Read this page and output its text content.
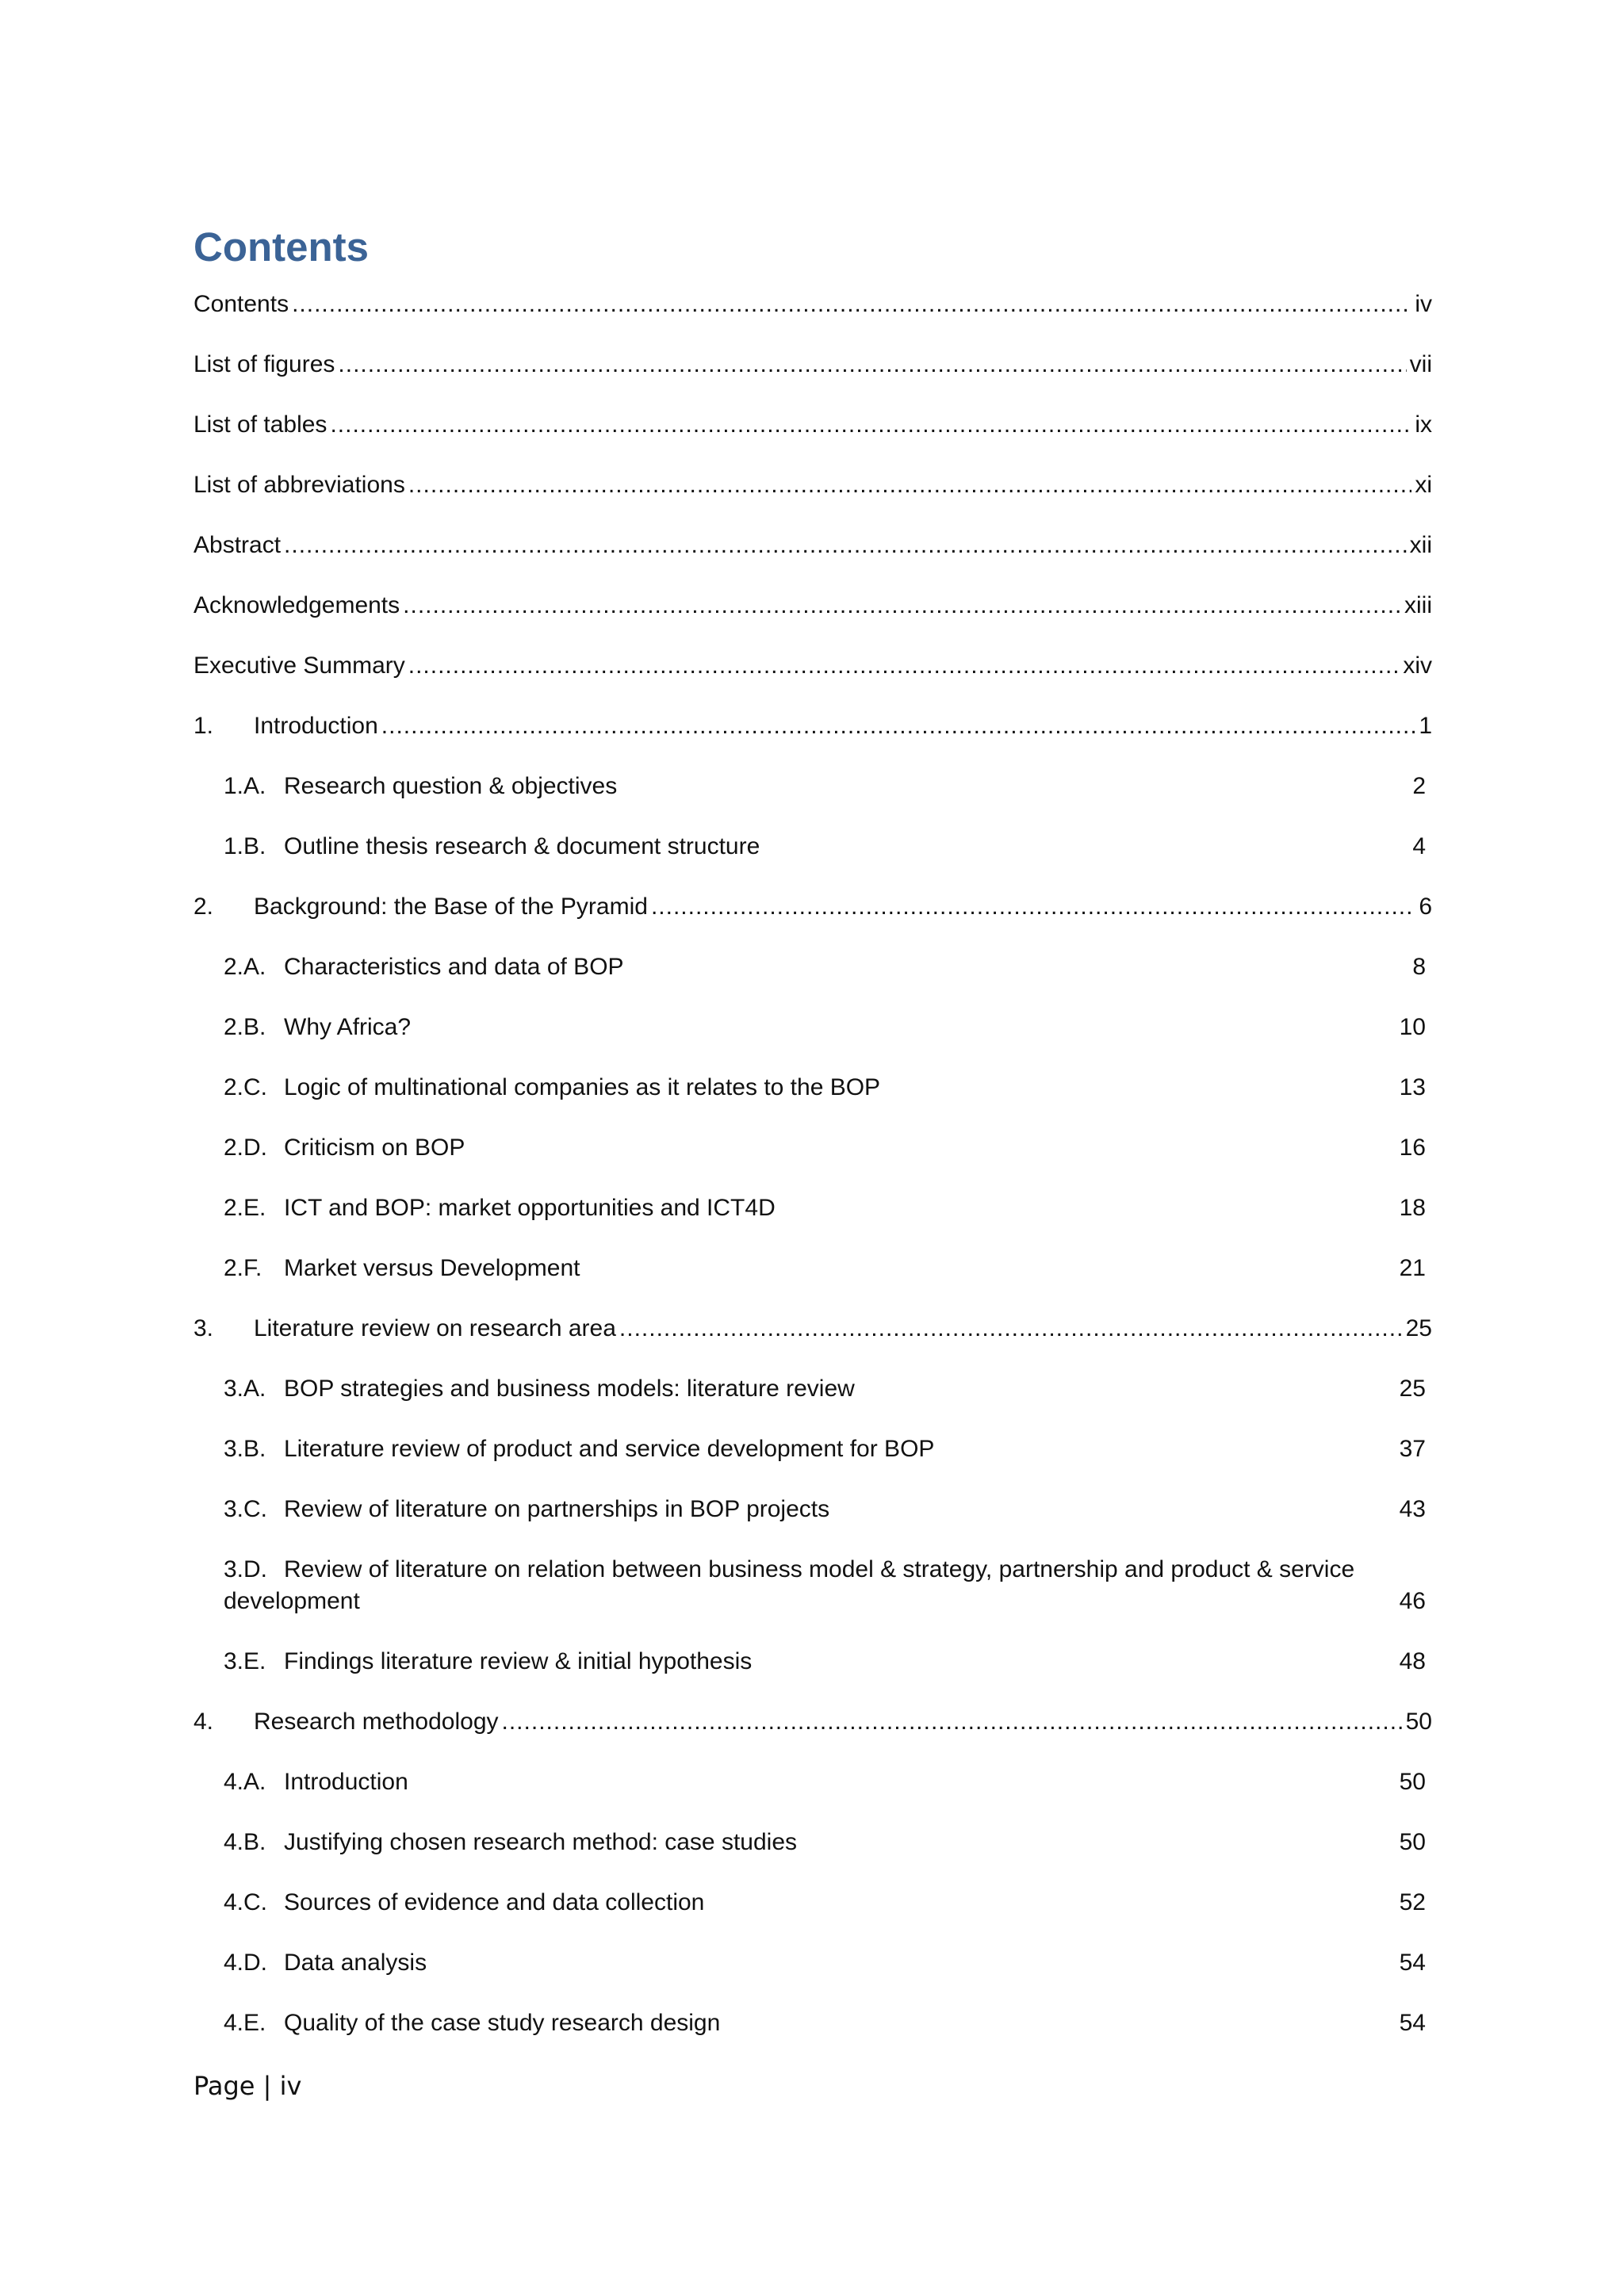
Contents
Contents .....	iv
List of figures .....	vii
List of tables .....	ix
List of abbreviations .....	xi
Abstract .....	xii
Acknowledgements .....	xiii
Executive Summary .....	xiv
1.	Introduction .....	1
1.A. Research question & objectives	2
1.B. Outline thesis research & document structure	4
2.	Background: the Base of the Pyramid .....	6
2.A. Characteristics and data of BOP	8
2.B. Why Africa?	10
2.C. Logic of multinational companies as it relates to the BOP	13
2.D. Criticism on BOP	16
2.E. ICT and BOP: market opportunities and ICT4D	18
2.F. Market versus Development	21
3.	Literature review on research area .....	25
3.A. BOP strategies and business models: literature review	25
3.B. Literature review of product and service development for BOP	37
3.C. Review of literature on partnerships in BOP projects	43
3.D. Review of literature on relation between business model & strategy, partnership and product & service development	46
3.E. Findings literature review & initial hypothesis	48
4.	Research methodology .....	50
4.A. Introduction	50
4.B. Justifying chosen research method: case studies	50
4.C. Sources of evidence and data collection	52
4.D. Data analysis	54
4.E. Quality of the case study research design	54
Page | iv
